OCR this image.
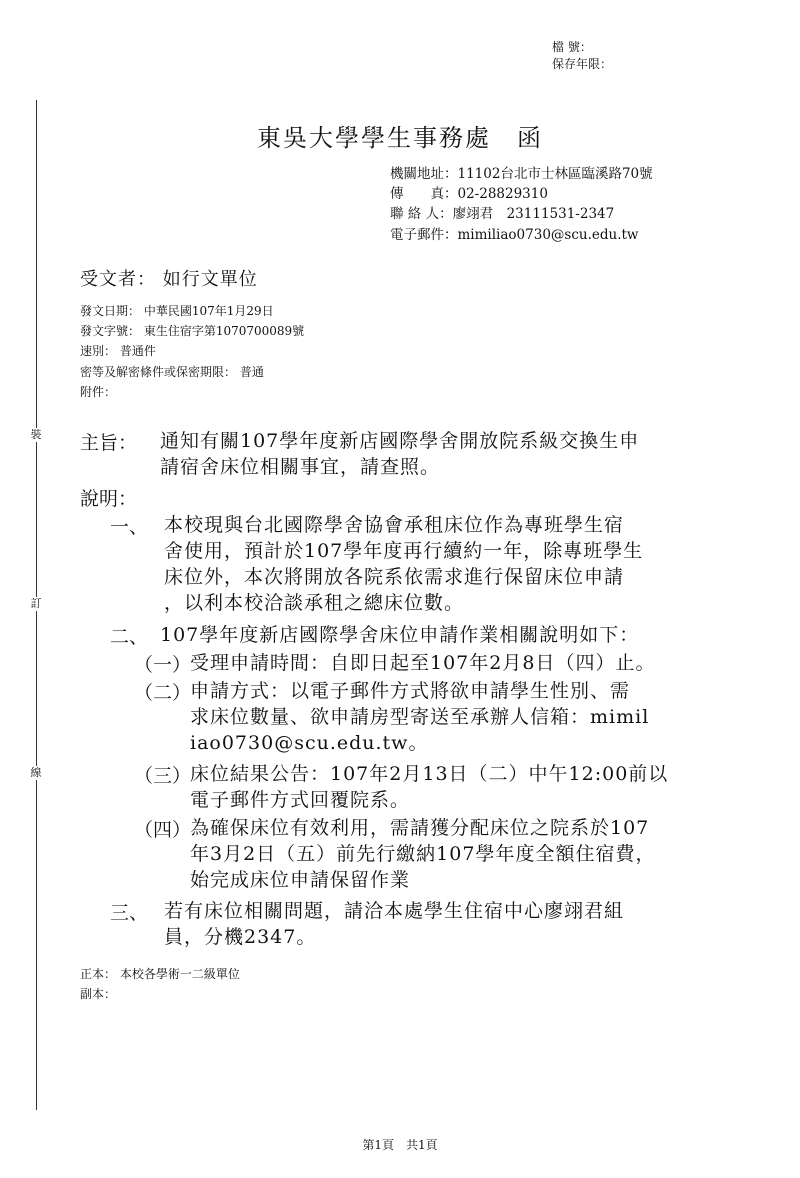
檔 號：
保存年限：
裝
訂
線
東吳大學學生事務處　函
機關地址：11102台北市士林區臨溪路70號
傳　　真：02-28829310
聯 絡 人：廖翊君　23111531-2347
電子郵件：mimiliao0730@scu.edu.tw
受文者： 如行文單位
發文日期： 中華民國107年1月29日
發文字號： 東生住宿字第1070700089號
速別： 普通件
密等及解密條件或保密期限： 普通
附件：
主旨： 通知有關107學年度新店國際學舍開放院系級交換生申
請宿舍床位相關事宜，請查照。
說明：
一、 本校現與台北國際學舍協會承租床位作為專班學生宿
舍使用，預計於107學年度再行續約一年，除專班學生
床位外，本次將開放各院系依需求進行保留床位申請
，以利本校洽談承租之總床位數。
二、 107學年度新店國際學舍床位申請作業相關說明如下：
（一）
受理申請時間：自即日起至107年2月8日（四）止。
（二）
申請方式：以電子郵件方式將欲申請學生性別、需
求床位數量、欲申請房型寄送至承辦人信箱：mimil
iao0730@scu.edu.tw。
（三）
床位結果公告：107年2月13日（二）中午12:00前以
電子郵件方式回覆院系。
（四）
為確保床位有效利用，需請獲分配床位之院系於107
年3月2日（五）前先行繳納107學年度全額住宿費，
始完成床位申請保留作業
三、 若有床位相關問題，請洽本處學生住宿中心廖翊君組
員，分機2347。
正本： 本校各學術一二級單位
副本：
第1頁　共1頁
